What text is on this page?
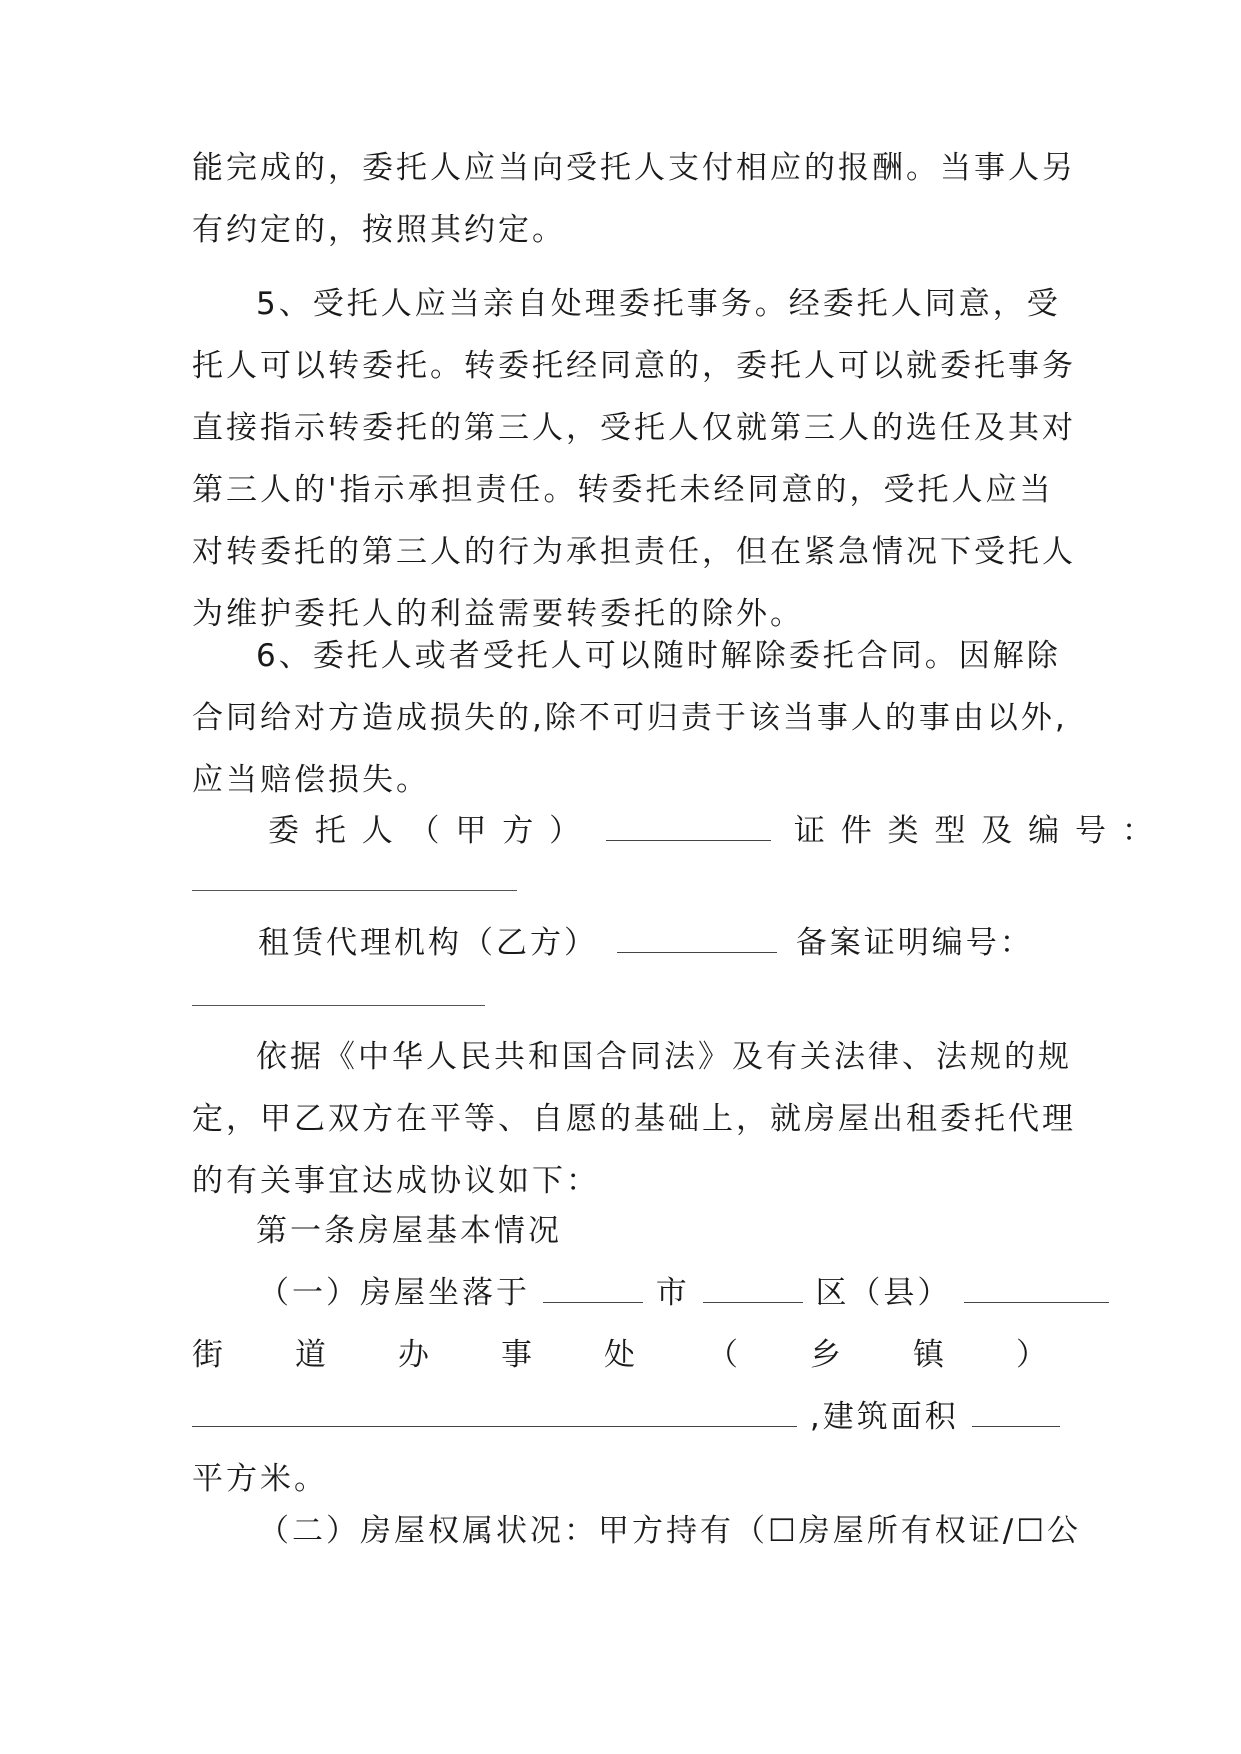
能完成的，委托人应当向受托人支付相应的报酬。当事人另
有约定的，按照其约定。
5、受托人应当亲自处理委托事务。经委托人同意，受
托人可以转委托。转委托经同意的，委托人可以就委托事务
直接指示转委托的第三人，受托人仅就第三人的选任及其对
第三人的'指示承担责任。转委托未经同意的，受托人应当
对转委托的第三人的行为承担责任，但在紧急情况下受托人
为维护委托人的利益需要转委托的除外。
6、委托人或者受托人可以随时解除委托合同。因解除
合同给对方造成损失的,除不可归责于该当事人的事由以外,
应当赔偿损失。
委 托 人 （ 甲 方 ）	证 件 类 型 及 编 号 ：
租赁代理机构（乙方）	备案证明编号：
依据《中华人民共和国合同法》及有关法律、法规的规
定，甲乙双方在平等、自愿的基础上，就房屋出租委托代理
的有关事宜达成协议如下：
第一条房屋基本情况
（一）房屋坐落于	市	区（县）
街 道 办 事 处 （ 乡 镇 ）
,建筑面积
平方米。
（二）房屋权属状况：甲方持有（☐房屋所有权证/☐公
